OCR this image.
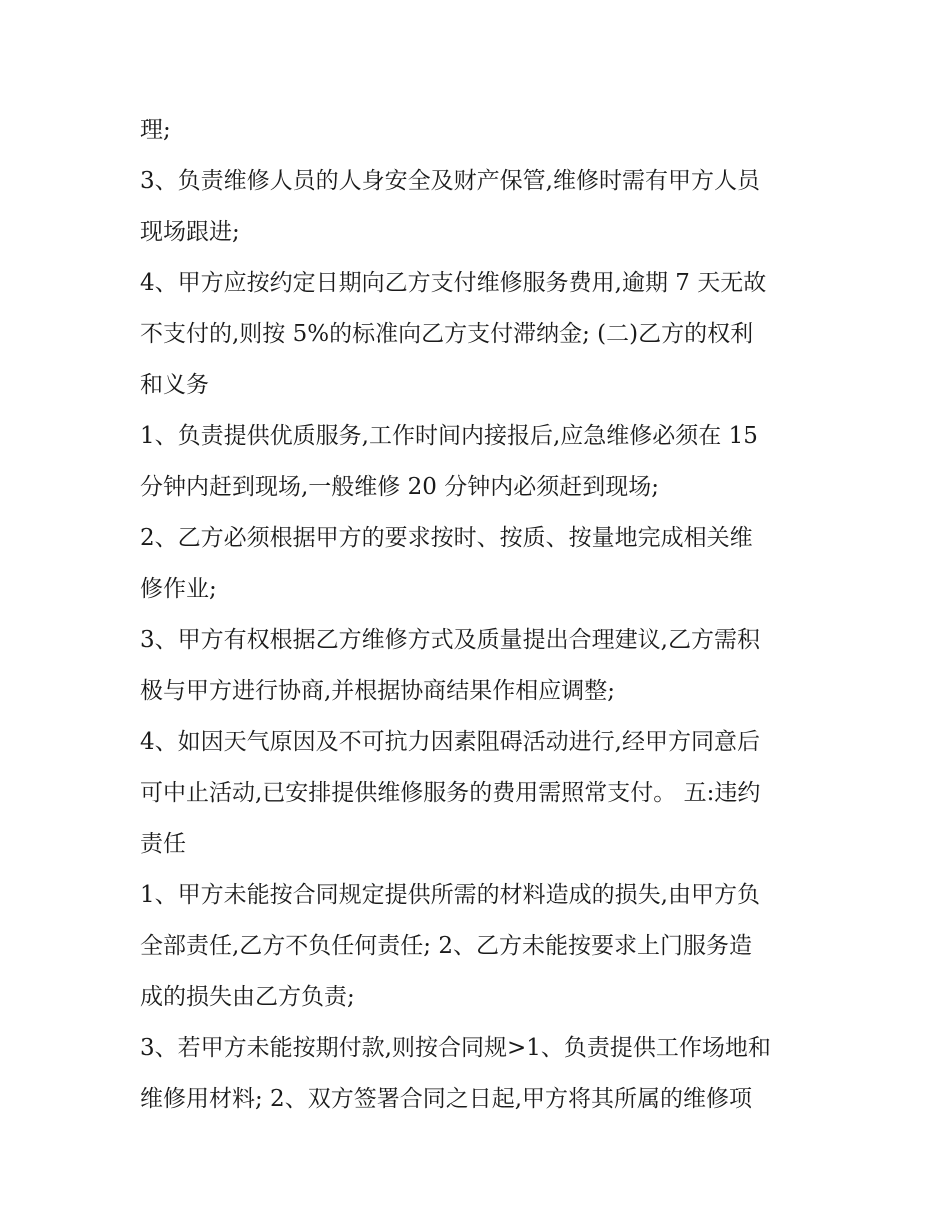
理;
3、负责维修人员的人身安全及财产保管,维修时需有甲方人员
现场跟进;
4、甲方应按约定日期向乙方支付维修服务费用,逾期 7 天无故
不支付的,则按 5%的标准向乙方支付滞纳金; (二)乙方的权利
和义务
1、负责提供优质服务,工作时间内接报后,应急维修必须在 15
分钟内赶到现场,一般维修 20 分钟内必须赶到现场;
2、乙方必须根据甲方的要求按时、按质、按量地完成相关维
修作业;
3、甲方有权根据乙方维修方式及质量提出合理建议,乙方需积
极与甲方进行协商,并根据协商结果作相应调整;
4、如因天气原因及不可抗力因素阻碍活动进行,经甲方同意后
可中止活动,已安排提供维修服务的费用需照常支付。 五:违约
责任
1、甲方未能按合同规定提供所需的材料造成的损失,由甲方负
全部责任,乙方不负任何责任; 2、乙方未能按要求上门服务造
成的损失由乙方负责;
3、若甲方未能按期付款,则按合同规>1、负责提供工作场地和
维修用材料; 2、双方签署合同之日起,甲方将其所属的维修项
